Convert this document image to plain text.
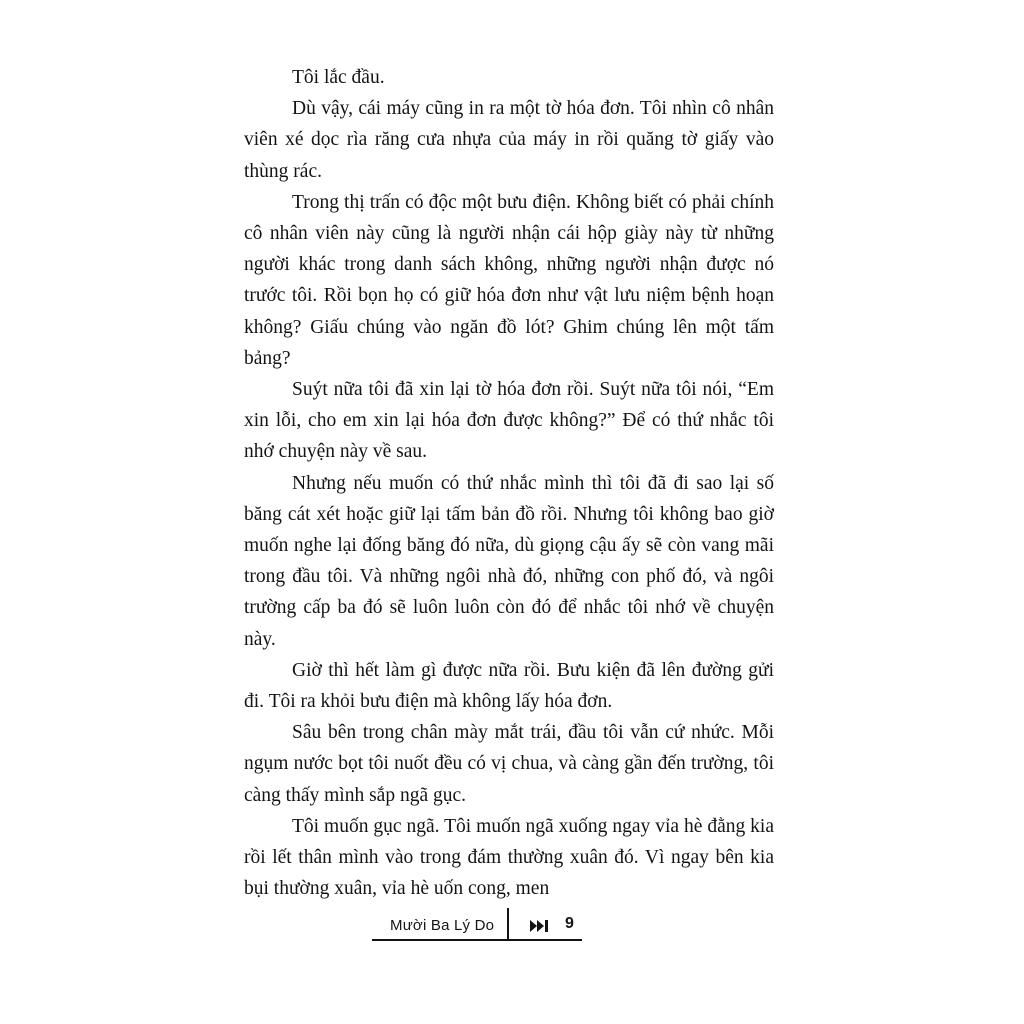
Tôi lắc đầu.

Dù vậy, cái máy cũng in ra một tờ hóa đơn. Tôi nhìn cô nhân viên xé dọc rìa răng cưa nhựa của máy in rồi quăng tờ giấy vào thùng rác.

Trong thị trấn có độc một bưu điện. Không biết có phải chính cô nhân viên này cũng là người nhận cái hộp giày này từ những người khác trong danh sách không, những người nhận được nó trước tôi. Rồi bọn họ có giữ hóa đơn như vật lưu niệm bệnh hoạn không? Giấu chúng vào ngăn đồ lót? Ghim chúng lên một tấm bảng?

Suýt nữa tôi đã xin lại tờ hóa đơn rồi. Suýt nữa tôi nói, “Em xin lỗi, cho em xin lại hóa đơn được không?” Để có thứ nhắc tôi nhớ chuyện này về sau.

Nhưng nếu muốn có thứ nhắc mình thì tôi đã đi sao lại số băng cát xét hoặc giữ lại tấm bản đồ rồi. Nhưng tôi không bao giờ muốn nghe lại đống băng đó nữa, dù giọng cậu ấy sẽ còn vang mãi trong đầu tôi. Và những ngôi nhà đó, những con phố đó, và ngôi trường cấp ba đó sẽ luôn luôn còn đó để nhắc tôi nhớ về chuyện này.

Giờ thì hết làm gì được nữa rồi. Bưu kiện đã lên đường gửi đi. Tôi ra khỏi bưu điện mà không lấy hóa đơn.

Sâu bên trong chân mày mắt trái, đầu tôi vẫn cứ nhức. Mỗi ngụm nước bọt tôi nuốt đều có vị chua, và càng gần đến trường, tôi càng thấy mình sắp ngã gục.

Tôi muốn gục ngã. Tôi muốn ngã xuống ngay vỉa hè đằng kia rồi lết thân mình vào trong đám thường xuân đó. Vì ngay bên kia bụi thường xuân, vỉa hè uốn cong, men

Mười Ba Lý Do	9
